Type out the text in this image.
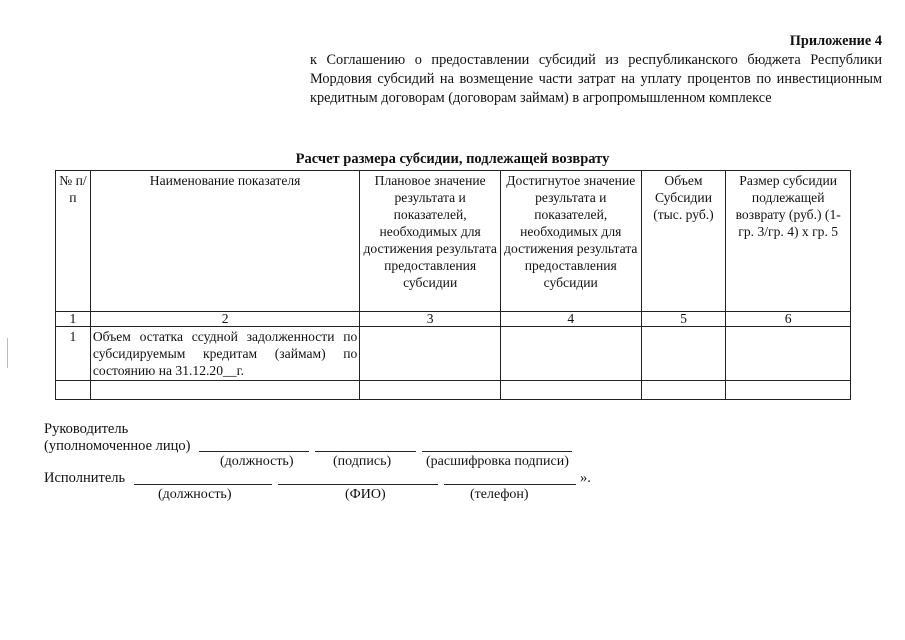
Приложение 4
к Соглашению о предоставлении субсидий из республиканского бюджета Республики Мордовия субсидий на возмещение части затрат на уплату процентов по инвестиционным кредитным договорам (договорам займам) в агропромышленном комплексе
Расчет размера субсидии, подлежащей возврату
№ п/п	Наименование показателя	Плановое значение результата и показателей, необходимых для достижения результата предоставления субсидии	Достигнутое значение результата и показателей, необходимых для достижения результата предоставления субсидии	Объем Субсидии (тыс. руб.)	Размер субсидии подлежащей возврату (руб.) (1-гр. 3/гр. 4) x гр. 5
1	2	3	4	5	6
1	Объем остатка ссудной задолженности по субсидируемым кредитам (займам) по состоянию на 31.12.20__г.				

Руководитель
(уполномоченное лицо)
(должность)	(подпись) (расшифровка подписи)
Исполнитель	».
(должность)	(ФИО)	(телефон)
